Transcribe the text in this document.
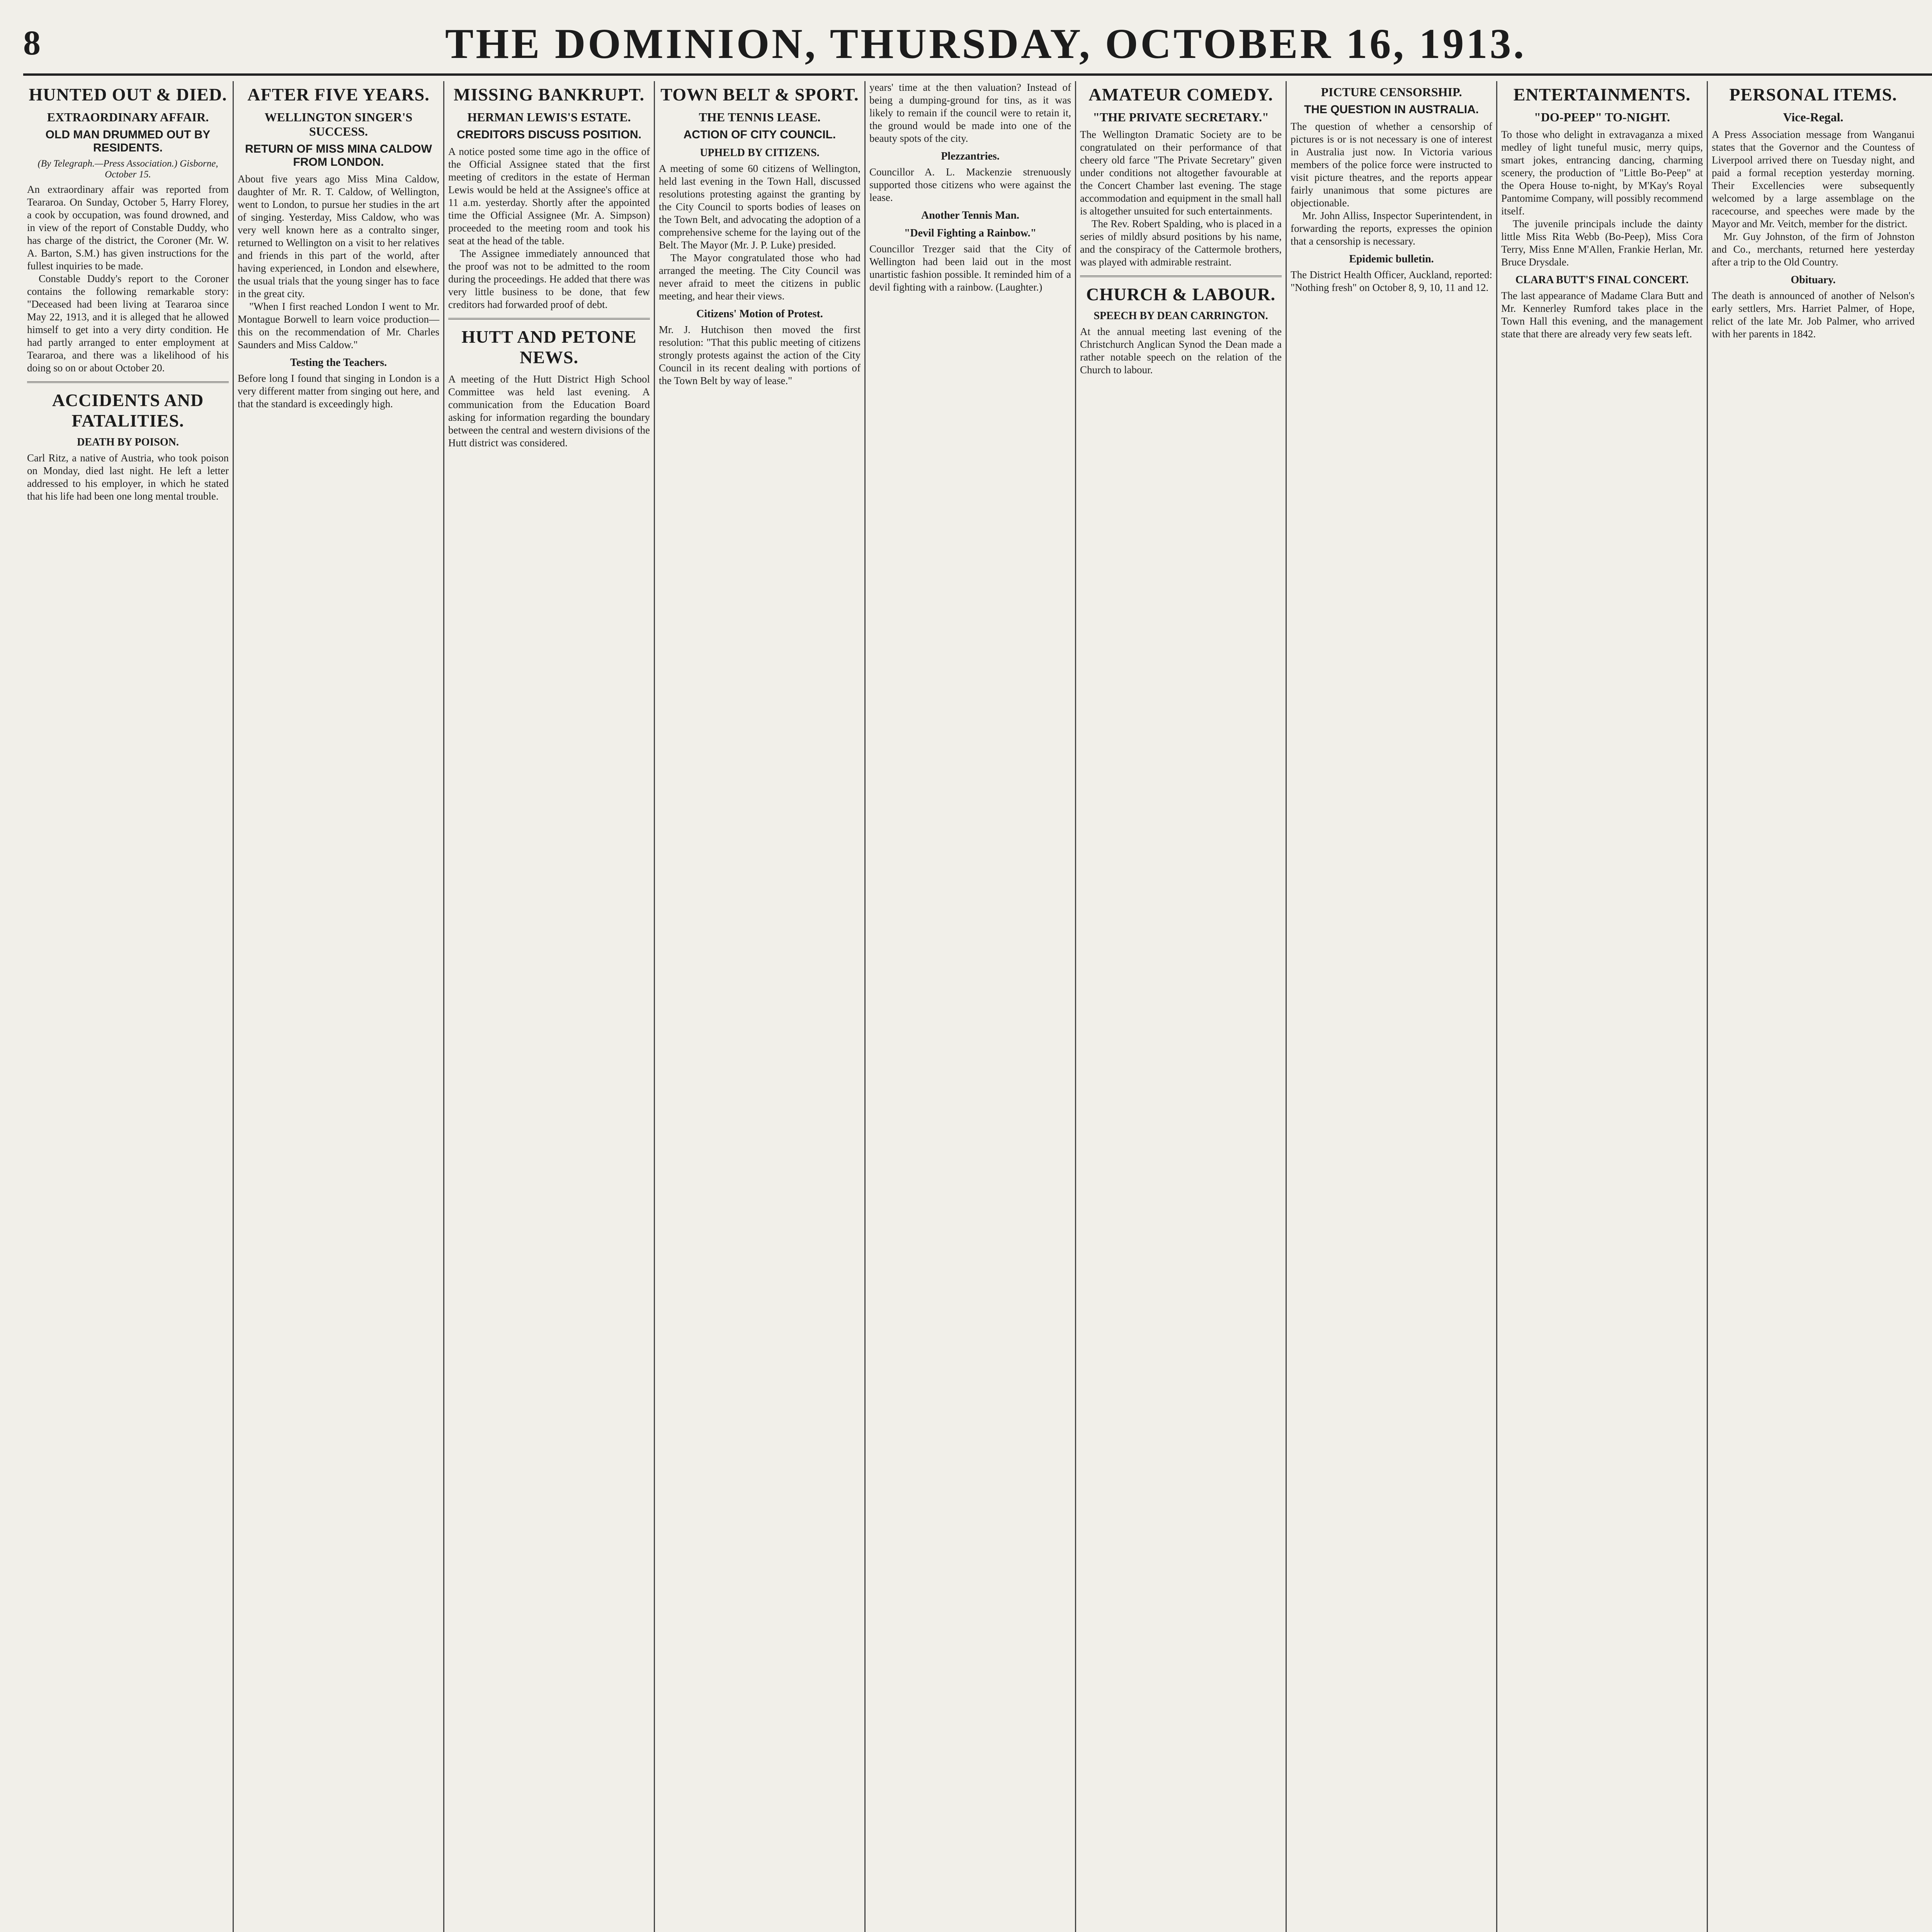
8	THE DOMINION, THURSDAY, OCTOBER 16, 1913.
HUNTED OUT & DIED.
EXTRAORDINARY AFFAIR.
OLD MAN DRUMMED OUT BY RESIDENTS.
(By Telegraph.—Press Association.) Gisborne, October 15.

An extraordinary affair was reported from Teararoa. On Sunday, October 5, Harry Florey, a cook by occupation, was found drowned, and in view of the report of Constable Duddy, who has charge of the district, the Coroner (Mr. W. A. Barton, S.M.) has given instructions for the fullest inquiries to be made.

Constable Duddy's report to the Coroner contains the following remarkable story: "Deceased had been living at Teararoa since May 22, 1913, and it is alleged that he allowed himself to get into a very dirty condition. He had partly arranged to enter employment at Teararoa, and there was a likelihood of his doing so on or about October 20.

ACCIDENTS AND FATALITIES.
DEATH BY POISON.

Carl Ritz, a native of Austria, who took poison on Monday, died last night. He left a letter addressed to his employer, in which he stated that his life had been one long mental trouble.

AFTER FIVE YEARS.
WELLINGTON SINGER'S SUCCESS.
RETURN OF MISS MINA CALDOW FROM LONDON.

About five years ago Miss Mina Caldow, daughter of Mr. R. T. Caldow, of Wellington, went to London, to pursue her studies in the art of singing. Yesterday, Miss Caldow, who was very well known here as a contralto singer, returned to Wellington on a visit to her relatives and friends in this part of the world, after having experienced, in London and elsewhere, the usual trials that the young singer has to face in the great city.

"When I first reached London I went to Mr. Montague Borwell to learn voice production—this on the recommendation of Mr. Charles Saunders and Miss Caldow."

Testing the Teachers.

Before long I found that singing in London is a very different matter from singing out here, and that the standard is exceedingly high.

MISSING BANKRUPT.
HERMAN LEWIS'S ESTATE.
CREDITORS DISCUSS POSITION.

A notice posted some time ago in the office of the Official Assignee stated that the first meeting of creditors in the estate of Herman Lewis would be held at the Assignee's office at 11 a.m. yesterday. Shortly after the appointed time the Official Assignee (Mr. A. Simpson) proceeded to the meeting room and took his seat at the head of the table.

The Assignee immediately announced that the proof was not to be admitted to the room during the proceedings. He added that there was very little business to be done, that few creditors had forwarded proof of debt.

HUTT AND PETONE NEWS.

A meeting of the Hutt District High School Committee was held last evening. A communication from the Education Board asking for information regarding the boundary between the central and western divisions of the Hutt district was considered.

TOWN BELT & SPORT.
THE TENNIS LEASE.
ACTION OF CITY COUNCIL.
UPHELD BY CITIZENS.

A meeting of some 60 citizens of Wellington, held last evening in the Town Hall, discussed resolutions protesting against the granting by the City Council to sports bodies of leases on the Town Belt, and advocating the adoption of a comprehensive scheme for the laying out of the Belt. The Mayor (Mr. J. P. Luke) presided.

The Mayor congratulated those who had arranged the meeting. The City Council was never afraid to meet the citizens in public meeting, and hear their views.

Citizens' Motion of Protest.

Mr. J. Hutchison then moved the first resolution: "That this public meeting of citizens strongly protests against the action of the City Council in its recent dealing with portions of the Town Belt by way of lease."

years' time at the then valuation? Instead of being a dumping-ground for tins, as it was likely to remain if the council were to retain it, the ground would be made into one of the beauty spots of the city.

Plezzantries.

Councillor A. L. Mackenzie strenuously supported those citizens who were against the lease.

Another Tennis Man.
"Devil Fighting a Rainbow."

Councillor Trezger said that the City of Wellington had been laid out in the most unartistic fashion possible. It reminded him of a devil fighting with a rainbow. (Laughter.)

AMATEUR COMEDY.
"THE PRIVATE SECRETARY."

The Wellington Dramatic Society are to be congratulated on their performance of that cheery old farce "The Private Secretary" given under conditions not altogether favourable at the Concert Chamber last evening. The stage accommodation and equipment in the small hall is altogether unsuited for such entertainments.

The Rev. Robert Spalding, who is placed in a series of mildly absurd positions by his name, and the conspiracy of the Cattermole brothers, was played with admirable restraint.

CHURCH & LABOUR.
SPEECH BY DEAN CARRINGTON.

At the annual meeting last evening of the Christchurch Anglican Synod the Dean made a rather notable speech on the relation of the Church to labour.

PICTURE CENSORSHIP.
THE QUESTION IN AUSTRALIA.

The question of whether a censorship of pictures is or is not necessary is one of interest in Australia just now. In Victoria various members of the police force were instructed to visit picture theatres, and the reports appear fairly unanimous that some pictures are objectionable.

Mr. John Alliss, Inspector Superintendent, in forwarding the reports, expresses the opinion that a censorship is necessary.

Epidemic bulletin.

The District Health Officer, Auckland, reported: "Nothing fresh" on October 8, 9, 10, 11 and 12.

ENTERTAINMENTS.
"DO-PEEP" TO-NIGHT.

To those who delight in extravaganza a mixed medley of light tuneful music, merry quips, smart jokes, entrancing dancing, charming scenery, the production of "Little Bo-Peep" at the Opera House to-night, by M'Kay's Royal Pantomime Company, will possibly recommend itself.

The juvenile principals include the dainty little Miss Rita Webb (Bo-Peep), Miss Cora Terry, Miss Enne M'Allen, Frankie Herlan, Mr. Bruce Drysdale.

CLARA BUTT'S FINAL CONCERT.

The last appearance of Madame Clara Butt and Mr. Kennerley Rumford takes place in the Town Hall this evening, and the management state that there are already very few seats left.

PERSONAL ITEMS.
Vice-Regal.

A Press Association message from Wanganui states that the Governor and the Countess of Liverpool arrived there on Tuesday night, and paid a formal reception yesterday morning. Their Excellencies were subsequently welcomed by a large assemblage on the racecourse, and speeches were made by the Mayor and Mr. Veitch, member for the district.

Mr. Guy Johnston, of the firm of Johnston and Co., merchants, returned here yesterday after a trip to the Old Country.

Obituary.

The death is announced of another of Nelson's early settlers, Mrs. Harriet Palmer, of Hope, relict of the late Mr. Job Palmer, who arrived with her parents in 1842.
